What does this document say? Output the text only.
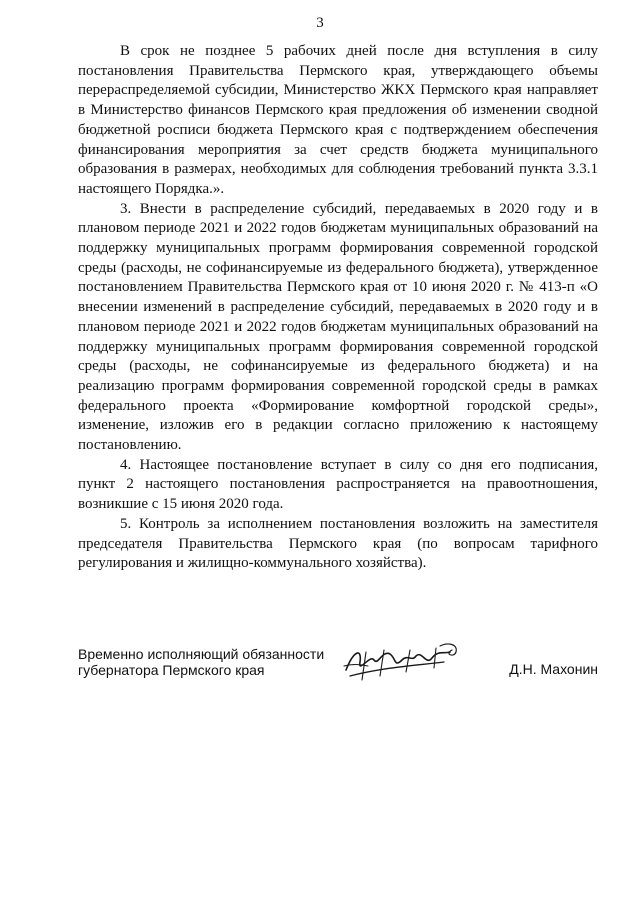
3

В срок не позднее 5 рабочих дней после дня вступления в силу постановления Правительства Пермского края, утверждающего объемы перераспределяемой субсидии, Министерство ЖКХ Пермского края направляет в Министерство финансов Пермского края предложения об изменении сводной бюджетной росписи бюджета Пермского края с подтверждением обеспечения финансирования мероприятия за счет средств бюджета муниципального образования в размерах, необходимых для соблюдения требований пункта 3.3.1 настоящего Порядка.».

3. Внести в распределение субсидий, передаваемых в 2020 году и в плановом периоде 2021 и 2022 годов бюджетам муниципальных образований на поддержку муниципальных программ формирования современной городской среды (расходы, не софинансируемые из федерального бюджета), утвержденное постановлением Правительства Пермского края от 10 июня 2020 г. № 413-п «О внесении изменений в распределение субсидий, передаваемых в 2020 году и в плановом периоде 2021 и 2022 годов бюджетам муниципальных образований на поддержку муниципальных программ формирования современной городской среды (расходы, не софинансируемые из федерального бюджета) и на реализацию программ формирования современной городской среды в рамках федерального проекта «Формирование комфортной городской среды», изменение, изложив его в редакции согласно приложению к настоящему постановлению.

4. Настоящее постановление вступает в силу со дня его подписания, пункт 2 настоящего постановления распространяется на правоотношения, возникшие с 15 июня 2020 года.

5. Контроль за исполнением постановления возложить на заместителя председателя Правительства Пермского края (по вопросам тарифного регулирования и жилищно-коммунального хозяйства).

Временно исполняющий обязанности
губернатора Пермского края	Д.Н. Махонин
